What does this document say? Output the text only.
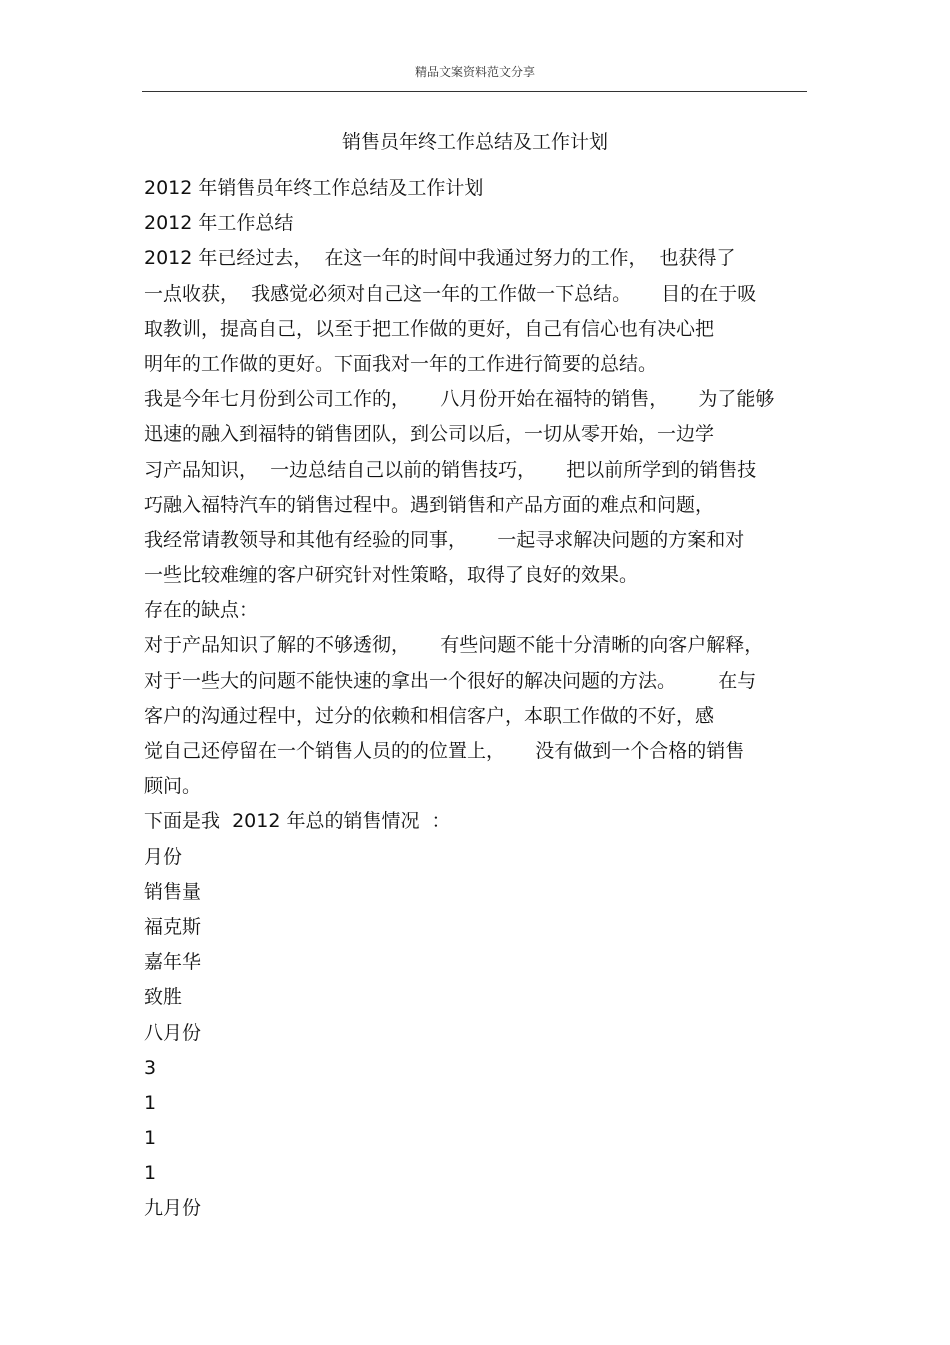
精品文案资料范文分享
销售员年终工作总结及工作计划
2012 年销售员年终工作总结及工作计划
2012 年工作总结
2012 年已经过去，  在这一年的时间中我通过努力的工作，  也获得了
一点收获，  我感觉必须对自己这一年的工作做一下总结。     目的在于吸
取教训，提高自己，以至于把工作做的更好，自己有信心也有决心把
明年的工作做的更好。下面我对一年的工作进行简要的总结。
我是今年七月份到公司工作的，     八月份开始在福特的销售，     为了能够
迅速的融入到福特的销售团队，到公司以后，一切从零开始，一边学
习产品知识，  一边总结自己以前的销售技巧，     把以前所学到的销售技
巧融入福特汽车的销售过程中。遇到销售和产品方面的难点和问题，
我经常请教领导和其他有经验的同事，     一起寻求解决问题的方案和对
一些比较难缠的客户研究针对性策略，取得了良好的效果。
存在的缺点：
对于产品知识了解的不够透彻，     有些问题不能十分清晰的向客户解释，
对于一些大的问题不能快速的拿出一个很好的解决问题的方法。       在与
客户的沟通过程中，过分的依赖和相信客户，本职工作做的不好，感
觉自己还停留在一个销售人员的的位置上，     没有做到一个合格的销售
顾问。
下面是我  2012 年总的销售情况  ：
月份
销售量
福克斯
嘉年华
致胜
八月份
3
1
1
1
九月份
